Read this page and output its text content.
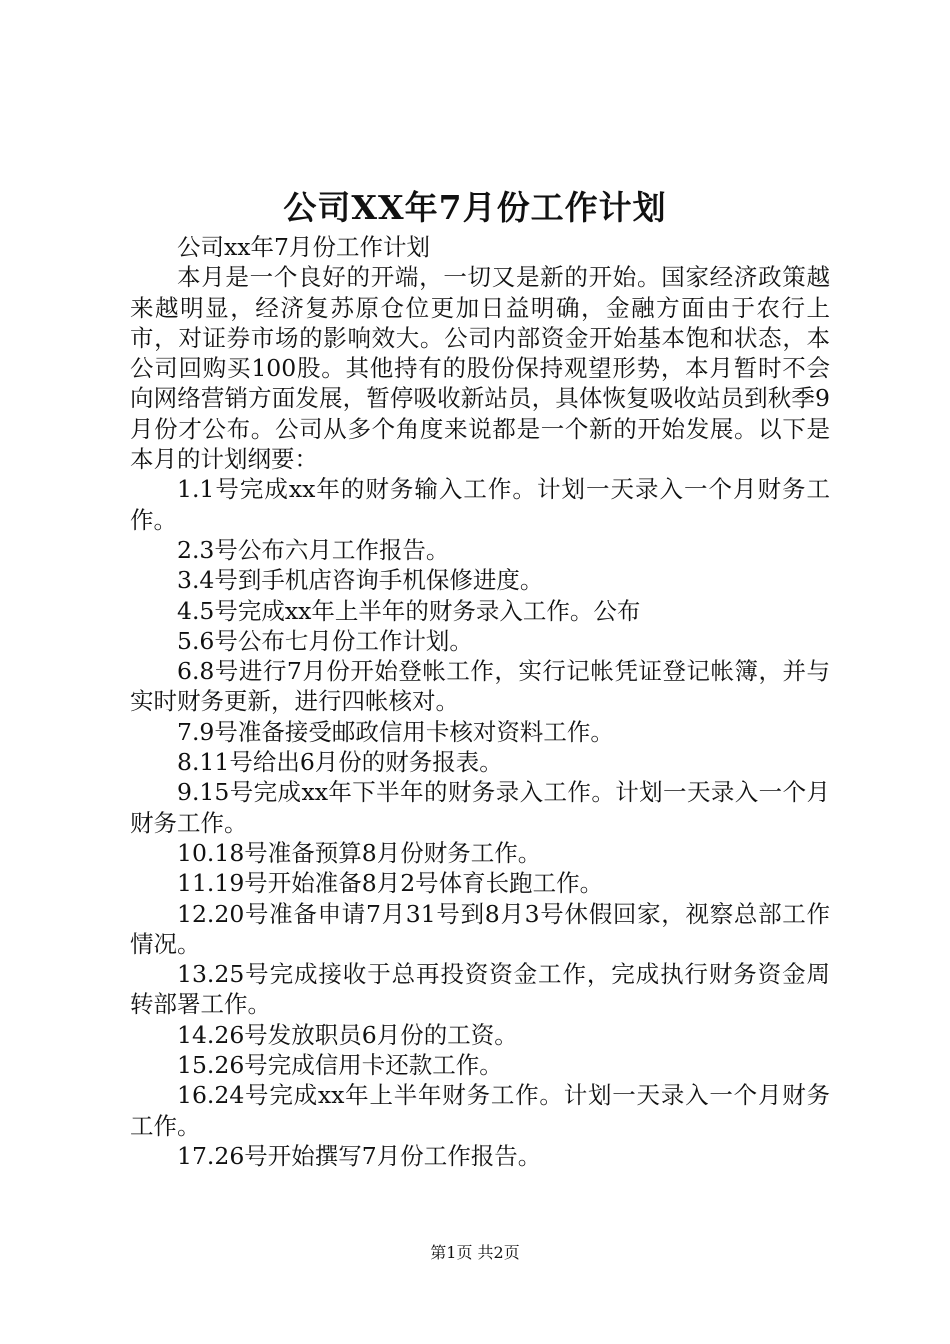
公司XX年7月份工作计划

公司xx年7月份工作计划

本月是一个良好的开端，一切又是新的开始。国家经济政策越来越明显，经济复苏原仓位更加日益明确，金融方面由于农行上市，对证券市场的影响效大。公司内部资金开始基本饱和状态，本公司回购买100股。其他持有的股份保持观望形势，本月暂时不会向网络营销方面发展，暂停吸收新站员，具体恢复吸收站员到秋季9月份才公布。公司从多个角度来说都是一个新的开始发展。以下是本月的计划纲要：

1.1号完成xx年的财务输入工作。计划一天录入一个月财务工作。

2.3号公布六月工作报告。

3.4号到手机店咨询手机保修进度。

4.5号完成xx年上半年的财务录入工作。公布

5.6号公布七月份工作计划。

6.8号进行7月份开始登帐工作，实行记帐凭证登记帐簿，并与实时财务更新，进行四帐核对。

7.9号准备接受邮政信用卡核对资料工作。

8.11号给出6月份的财务报表。

9.15号完成xx年下半年的财务录入工作。计划一天录入一个月财务工作。

10.18号准备预算8月份财务工作。

11.19号开始准备8月2号体育长跑工作。

12.20号准备申请7月31号到8月3号休假回家，视察总部工作情况。

13.25号完成接收于总再投资资金工作，完成执行财务资金周转部署工作。

14.26号发放职员6月份的工资。

15.26号完成信用卡还款工作。

16.24号完成xx年上半年财务工作。计划一天录入一个月财务工作。

17.26号开始撰写7月份工作报告。

第1页 共2页
